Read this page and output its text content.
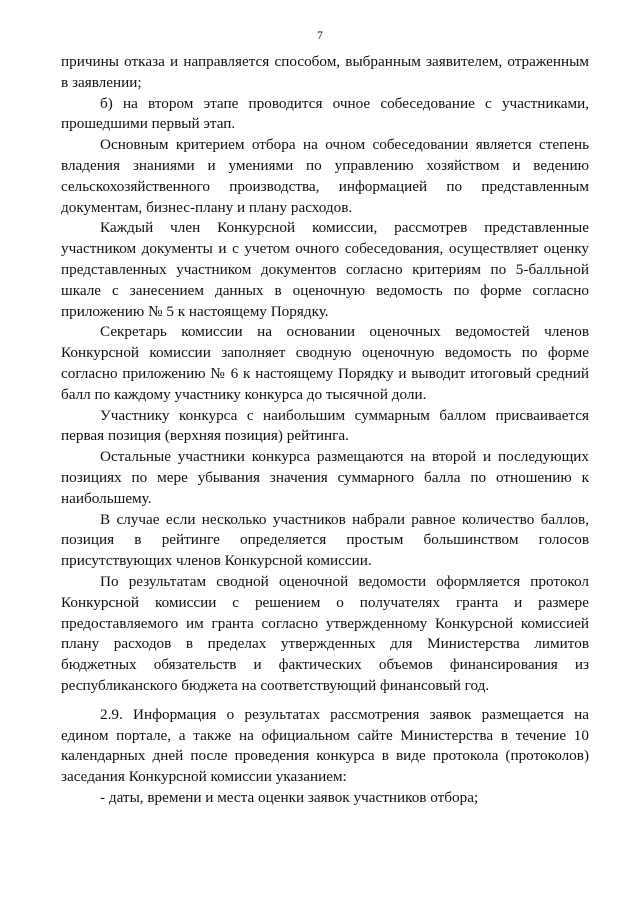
7

причины отказа и направляется способом, выбранным заявителем, отраженным в заявлении;

б) на втором этапе проводится очное собеседование с участниками, прошедшими первый этап.

Основным критерием отбора на очном собеседовании является степень владения знаниями и умениями по управлению хозяйством и ведению сельскохозяйственного производства, информацией по представленным документам, бизнес-плану и плану расходов.

Каждый член Конкурсной комиссии, рассмотрев представленные участником документы и с учетом очного собеседования, осуществляет оценку представленных участником документов согласно критериям по 5-балльной шкале с занесением данных в оценочную ведомость по форме согласно приложению № 5 к настоящему Порядку.

Секретарь комиссии на основании оценочных ведомостей членов Конкурсной комиссии заполняет сводную оценочную ведомость по форме согласно приложению № 6 к настоящему Порядку и выводит итоговый средний балл по каждому участнику конкурса до тысячной доли.

Участнику конкурса с наибольшим суммарным баллом присваивается первая позиция (верхняя позиция) рейтинга.

Остальные участники конкурса размещаются на второй и последующих позициях по мере убывания значения суммарного балла по отношению к наибольшему.

В случае если несколько участников набрали равное количество баллов, позиция в рейтинге определяется простым большинством голосов присутствующих членов Конкурсной комиссии.

По результатам сводной оценочной ведомости оформляется протокол Конкурсной комиссии с решением о получателях гранта и размере предоставляемого им гранта согласно утвержденному Конкурсной комиссией плану расходов в пределах утвержденных для Министерства лимитов бюджетных обязательств и фактических объемов финансирования из республиканского бюджета на соответствующий финансовый год.

2.9. Информация о результатах рассмотрения заявок размещается на едином портале, а также на официальном сайте Министерства в течение 10 календарных дней после проведения конкурса в виде протокола (протоколов) заседания Конкурсной комиссии указанием:

- даты, времени и места оценки заявок участников отбора;
